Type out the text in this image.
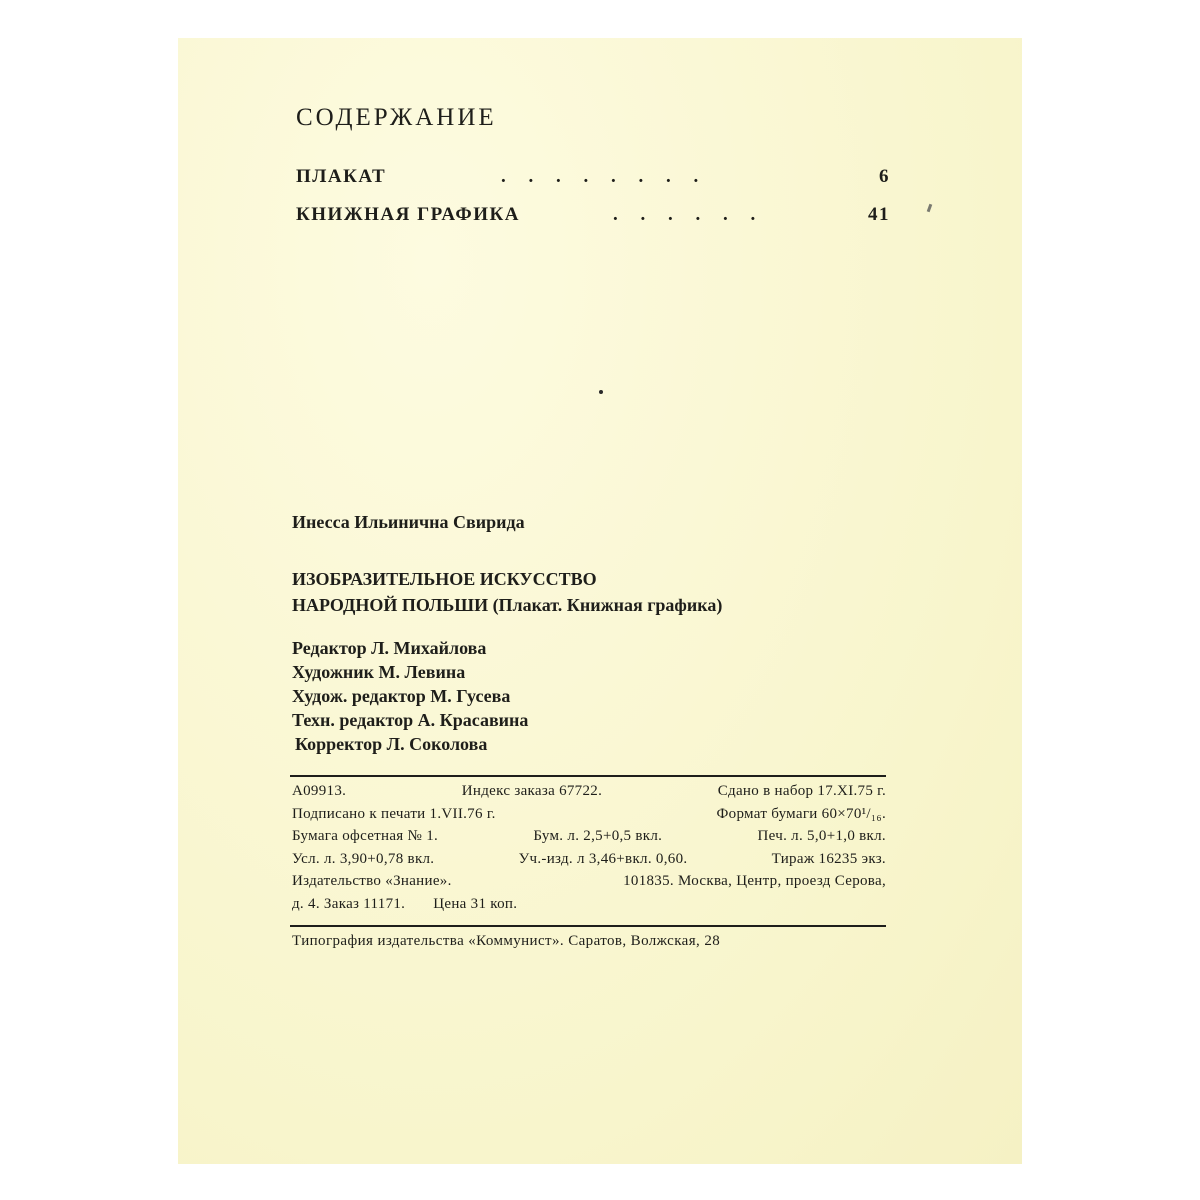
СОДЕРЖАНИЕ
ПЛАКАТ	. . . . . . . .	6
КНИЖНАЯ ГРАФИКА	. . . . . .	41
Инесса Ильинична Свирида
ИЗОБРАЗИТЕЛЬНОЕ ИСКУССТВО
НАРОДНОЙ ПОЛЬШИ (Плакат. Книжная графика)
Редактор Л. Михайлова
Художник М. Левина
Худож. редактор М. Гусева
Техн. редактор А. Красавина
Корректор Л. Соколова
А09913.	Индекс заказа 67722.	Сдано в набор 17.XI.75 г.
Подписано к печати 1.VII.76 г.	Формат бумаги 60×70¹/₁₆.
Бумага офсетная № 1.	Бум. л. 2,5+0,5 вкл.	Печ. л. 5,0+1,0 вкл.
Усл. л. 3,90+0,78 вкл.	Уч.-изд. л 3,46+вкл. 0,60.	Тираж 16235 экз.
Издательство «Знание».	101835. Москва, Центр, проезд Серова,
д. 4. Заказ 11171. Цена 31 коп.
Типография издательства «Коммунист». Саратов, Волжская, 28
